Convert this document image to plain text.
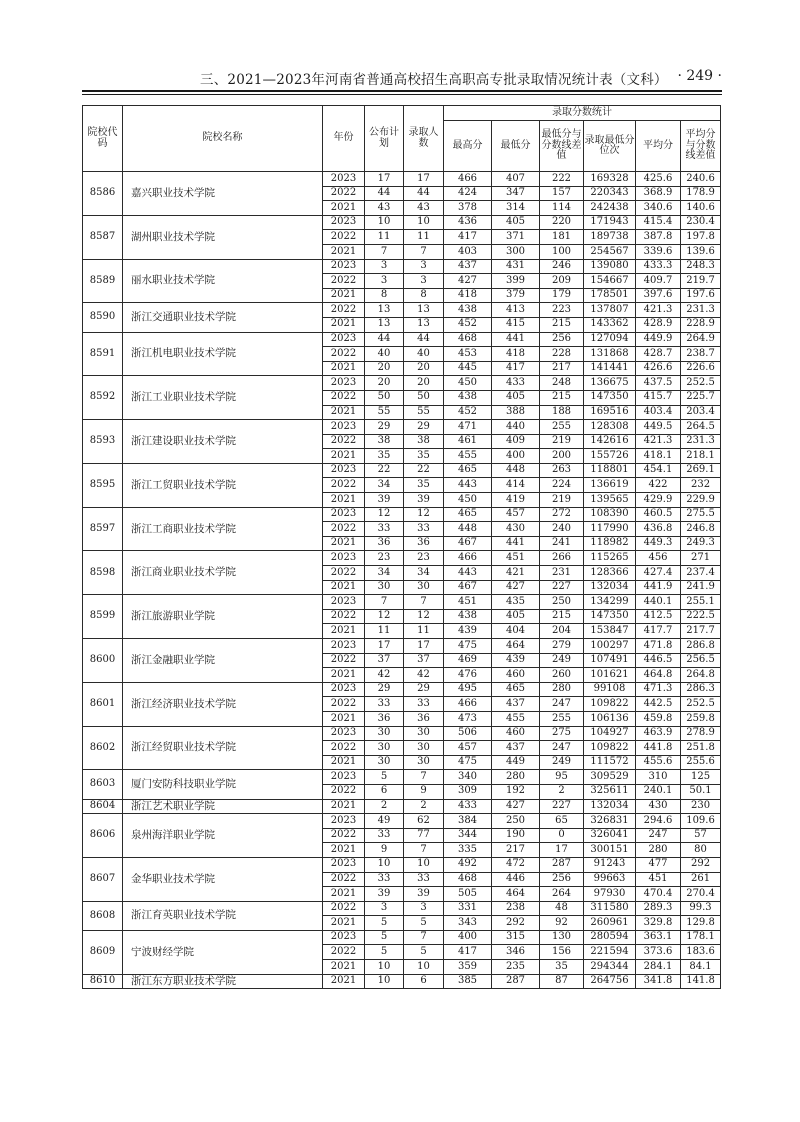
三、2021—2023年河南省普通高校招生高职高专批录取情况统计表（文科） · 249 ·
院校代码	院校名称	年份	公布计划	录取人数	录取分数统计					
					最高分	最低分	最低分与分数线差值	录取最低分位次	平均分	平均分与分数线差值
8586	嘉兴职业技术学院	2023	17	17	466	407	222	169328	425.6	240.6
		2022	44	44	424	347	157	220343	368.9	178.9
		2021	43	43	378	314	114	242438	340.6	140.6
8587	湖州职业技术学院	2023	10	10	436	405	220	171943	415.4	230.4
		2022	11	11	417	371	181	189738	387.8	197.8
		2021	7	7	403	300	100	254567	339.6	139.6
8589	丽水职业技术学院	2023	3	3	437	431	246	139080	433.3	248.3
		2022	3	3	427	399	209	154667	409.7	219.7
		2021	8	8	418	379	179	178501	397.6	197.6
8590	浙江交通职业技术学院	2022	13	13	438	413	223	137807	421.3	231.3
		2021	13	13	452	415	215	143362	428.9	228.9
8591	浙江机电职业技术学院	2023	44	44	468	441	256	127094	449.9	264.9
		2022	40	40	453	418	228	131868	428.7	238.7
		2021	20	20	445	417	217	141441	426.6	226.6
8592	浙江工业职业技术学院	2023	20	20	450	433	248	136675	437.5	252.5
		2022	50	50	438	405	215	147350	415.7	225.7
		2021	55	55	452	388	188	169516	403.4	203.4
8593	浙江建设职业技术学院	2023	29	29	471	440	255	128308	449.5	264.5
		2022	38	38	461	409	219	142616	421.3	231.3
		2021	35	35	455	400	200	155726	418.1	218.1
8595	浙江工贸职业技术学院	2023	22	22	465	448	263	118801	454.1	269.1
		2022	34	35	443	414	224	136619	422	232
		2021	39	39	450	419	219	139565	429.9	229.9
8597	浙江工商职业技术学院	2023	12	12	465	457	272	108390	460.5	275.5
		2022	33	33	448	430	240	117990	436.8	246.8
		2021	36	36	467	441	241	118982	449.3	249.3
8598	浙江商业职业技术学院	2023	23	23	466	451	266	115265	456	271
		2022	34	34	443	421	231	128366	427.4	237.4
		2021	30	30	467	427	227	132034	441.9	241.9
8599	浙江旅游职业学院	2023	7	7	451	435	250	134299	440.1	255.1
		2022	12	12	438	405	215	147350	412.5	222.5
		2021	11	11	439	404	204	153847	417.7	217.7
8600	浙江金融职业学院	2023	17	17	475	464	279	100297	471.8	286.8
		2022	37	37	469	439	249	107491	446.5	256.5
		2021	42	42	476	460	260	101621	464.8	264.8
8601	浙江经济职业技术学院	2023	29	29	495	465	280	99108	471.3	286.3
		2022	33	33	466	437	247	109822	442.5	252.5
		2021	36	36	473	455	255	106136	459.8	259.8
8602	浙江经贸职业技术学院	2023	30	30	506	460	275	104927	463.9	278.9
		2022	30	30	457	437	247	109822	441.8	251.8
		2021	30	30	475	449	249	111572	455.6	255.6
8603	厦门安防科技职业学院	2023	5	7	340	280	95	309529	310	125
		2022	6	9	309	192	2	325611	240.1	50.1
8604	浙江艺术职业学院	2021	2	2	433	427	227	132034	430	230
8606	泉州海洋职业学院	2023	49	62	384	250	65	326831	294.6	109.6
		2022	33	77	344	190	0	326041	247	57
		2021	9	7	335	217	17	300151	280	80
8607	金华职业技术学院	2023	10	10	492	472	287	91243	477	292
		2022	33	33	468	446	256	99663	451	261
		2021	39	39	505	464	264	97930	470.4	270.4
8608	浙江育英职业技术学院	2022	3	3	331	238	48	311580	289.3	99.3
		2021	5	5	343	292	92	260961	329.8	129.8
8609	宁波财经学院	2023	5	7	400	315	130	280594	363.1	178.1
		2022	5	5	417	346	156	221594	373.6	183.6
		2021	10	10	359	235	35	294344	284.1	84.1
8610	浙江东方职业技术学院	2021	10	6	385	287	87	264756	341.8	141.8
